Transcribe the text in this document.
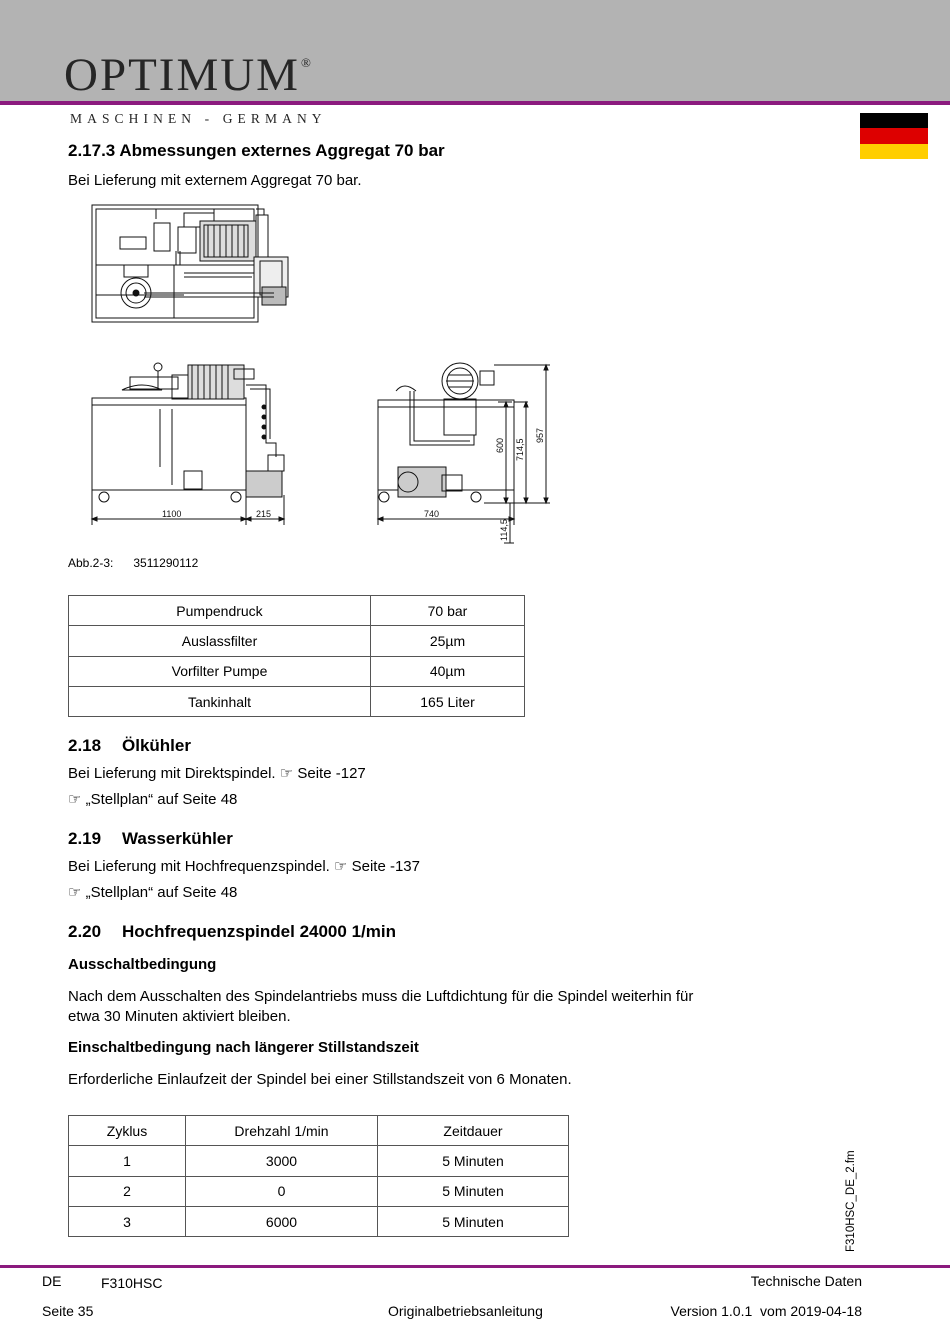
OPTIMUM®
MASCHINEN - GERMANY
2.17.3 Abmessungen externes Aggregat 70 bar
Bei Lieferung mit externem Aggregat 70 bar.
1100	215	740
600 714,5
957
114,5
Abb.2-3: 3511290112
Pumpendruck	70 bar
Auslassfilter	25µm
Vorfilter Pumpe	40µm
Tankinhalt	165 Liter
2.18 Ölkühler
Bei Lieferung mit Direktspindel. ☞ Seite -127
☞ „Stellplan“ auf Seite 48
2.19 Wasserkühler
Bei Lieferung mit Hochfrequenzspindel. ☞ Seite -137
☞ „Stellplan“ auf Seite 48
2.20 Hochfrequenzspindel 24000 1/min
Ausschaltbedingung
Nach dem Ausschalten des Spindelantriebs muss die Luftdichtung für die Spindel weiterhin für
etwa 30 Minuten aktiviert bleiben.
Einschaltbedingung nach längerer Stillstandszeit
Erforderliche Einlaufzeit der Spindel bei einer Stillstandszeit von 6 Monaten.
Zyklus	Drehzahl 1/min	Zeitdauer
1	3000	5 Minuten
2	0	5 Minuten
3	6000	5 Minuten	F310HSC_DE_2.fm
DE	F310HSC	Technische Daten
Seite 35	Originalbetriebsanleitung	Version 1.0.1  vom 2019-04-18
